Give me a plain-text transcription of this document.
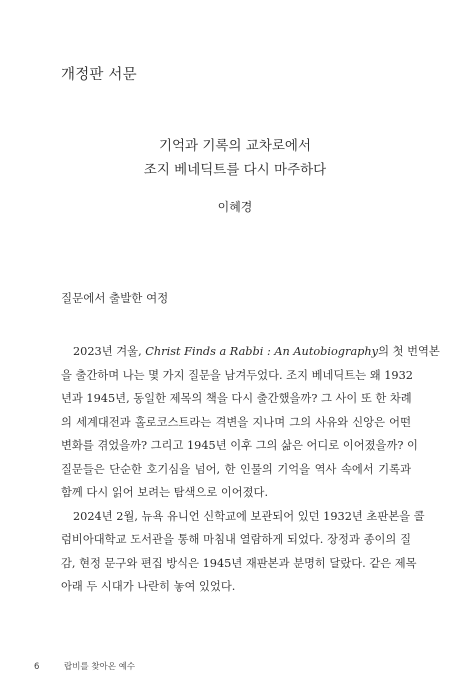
개정판 서문
기억과 기록의 교차로에서
조지 베네딕트를 다시 마주하다
이혜경
질문에서 출발한 여정
2023년 겨울, Christ Finds a Rabbi : An Autobiography의 첫 번역본
을 출간하며 나는 몇 가지 질문을 남겨두었다. 조지 베네딕트는 왜 1932
년과 1945년, 동일한 제목의 책을 다시 출간했을까? 그 사이 또 한 차례
의 세계대전과 홀로코스트라는 격변을 지나며 그의 사유와 신앙은 어떤
변화를 겪었을까? 그리고 1945년 이후 그의 삶은 어디로 이어졌을까? 이
질문들은 단순한 호기심을 넘어, 한 인물의 기억을 역사 속에서 기록과
함께 다시 읽어 보려는 탐색으로 이어졌다.
2024년 2월, 뉴욕 유니언 신학교에 보관되어 있던 1932년 초판본을 콜
럼비아대학교 도서관을 통해 마침내 열람하게 되었다. 장정과 종이의 질
감, 현정 문구와 편집 방식은 1945년 재판본과 분명히 달랐다. 같은 제목
아래 두 시대가 나란히 놓여 있었다.
6	랍비를 찾아온 예수
